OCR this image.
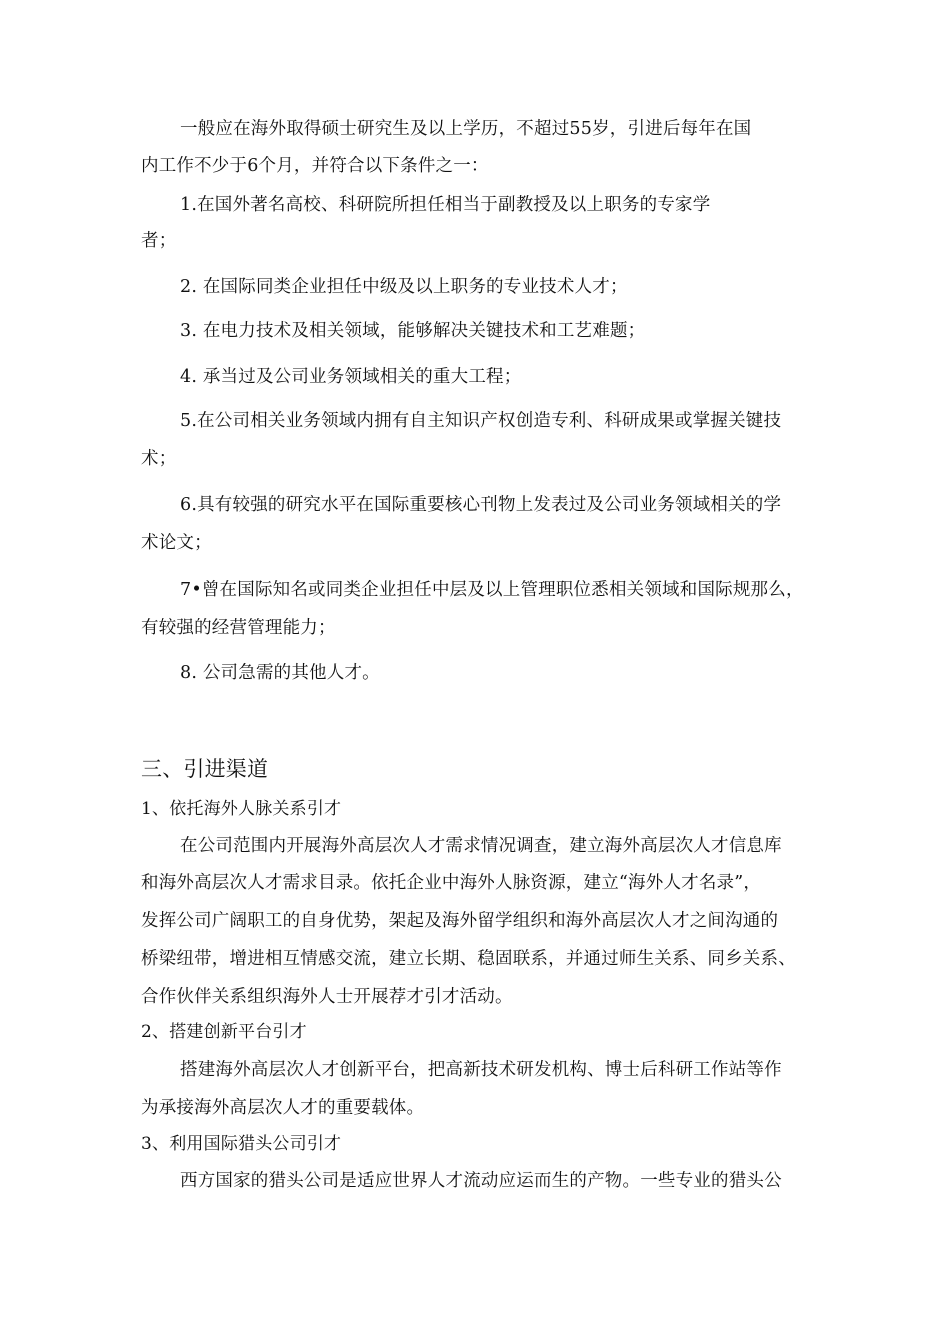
一般应在海外取得硕士研究生及以上学历，不超过55岁，引进后每年在国
内工作不少于6个月，并符合以下条件之一：
1.在国外著名高校、科研院所担任相当于副教授及以上职务的专家学
者；
2. 在国际同类企业担任中级及以上职务的专业技术人才；
3. 在电力技术及相关领域，能够解决关键技术和工艺难题；
4. 承当过及公司业务领域相关的重大工程；
5.在公司相关业务领域内拥有自主知识产权创造专利、科研成果或掌握关键技
术；
6.具有较强的研究水平在国际重要核心刊物上发表过及公司业务领域相关的学
术论文；
7•曾在国际知名或同类企业担任中层及以上管理职位悉相关领域和国际规那么，
有较强的经营管理能力；
8. 公司急需的其他人才。
三、引进渠道
1、依托海外人脉关系引才
在公司范围内开展海外高层次人才需求情况调查，建立海外高层次人才信息库
和海外高层次人才需求目录。依托企业中海外人脉资源，建立“海外人才名录”，
发挥公司广阔职工的自身优势，架起及海外留学组织和海外高层次人才之间沟通的
桥梁纽带，增进相互情感交流，建立长期、稳固联系，并通过师生关系、同乡关系、
合作伙伴关系组织海外人士开展荐才引才活动。
2、搭建创新平台引才
搭建海外高层次人才创新平台，把高新技术研发机构、博士后科研工作站等作
为承接海外高层次人才的重要载体。
3、利用国际猎头公司引才
西方国家的猎头公司是适应世界人才流动应运而生的产物。一些专业的猎头公
